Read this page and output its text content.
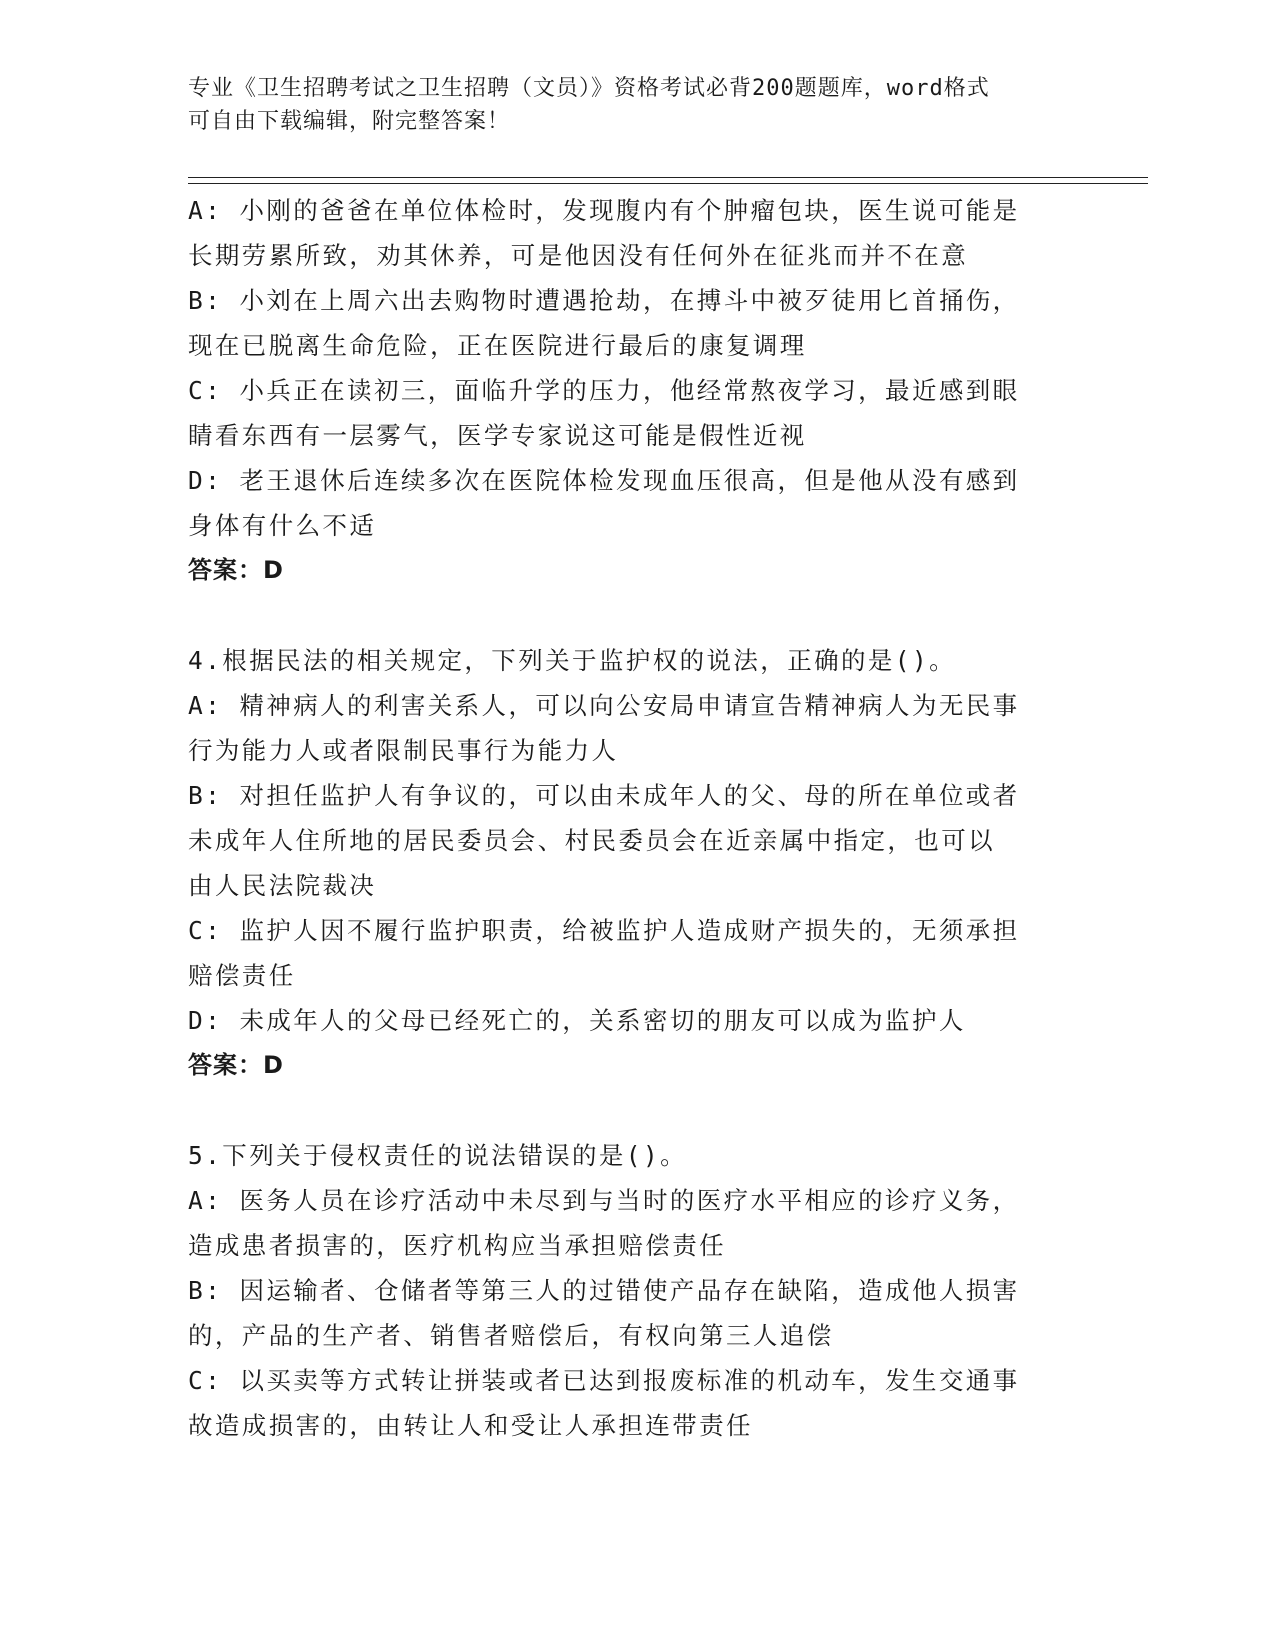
专业《卫生招聘考试之卫生招聘（文员）》资格考试必背200题题库，word格式
可自由下载编辑，附完整答案！

A: 小刚的爸爸在单位体检时，发现腹内有个肿瘤包块，医生说可能是

长期劳累所致，劝其休养，可是他因没有任何外在征兆而并不在意

B: 小刘在上周六出去购物时遭遇抢劫，在搏斗中被歹徒用匕首捅伤，

现在已脱离生命危险，正在医院进行最后的康复调理

C: 小兵正在读初三，面临升学的压力，他经常熬夜学习，最近感到眼

睛看东西有一层雾气，医学专家说这可能是假性近视

D: 老王退休后连续多次在医院体检发现血压很高，但是他从没有感到

身体有什么不适

答案：D

4.根据民法的相关规定，下列关于监护权的说法，正确的是()。

A: 精神病人的利害关系人，可以向公安局申请宣告精神病人为无民事

行为能力人或者限制民事行为能力人

B: 对担任监护人有争议的，可以由未成年人的父、母的所在单位或者

未成年人住所地的居民委员会、村民委员会在近亲属中指定，也可以

由人民法院裁决

C: 监护人因不履行监护职责，给被监护人造成财产损失的，无须承担

赔偿责任

D: 未成年人的父母已经死亡的，关系密切的朋友可以成为监护人

答案：D

5.下列关于侵权责任的说法错误的是()。

A: 医务人员在诊疗活动中未尽到与当时的医疗水平相应的诊疗义务，

造成患者损害的，医疗机构应当承担赔偿责任

B: 因运输者、仓储者等第三人的过错使产品存在缺陷，造成他人损害

的，产品的生产者、销售者赔偿后，有权向第三人追偿

C: 以买卖等方式转让拼装或者已达到报废标准的机动车，发生交通事

故造成损害的，由转让人和受让人承担连带责任
